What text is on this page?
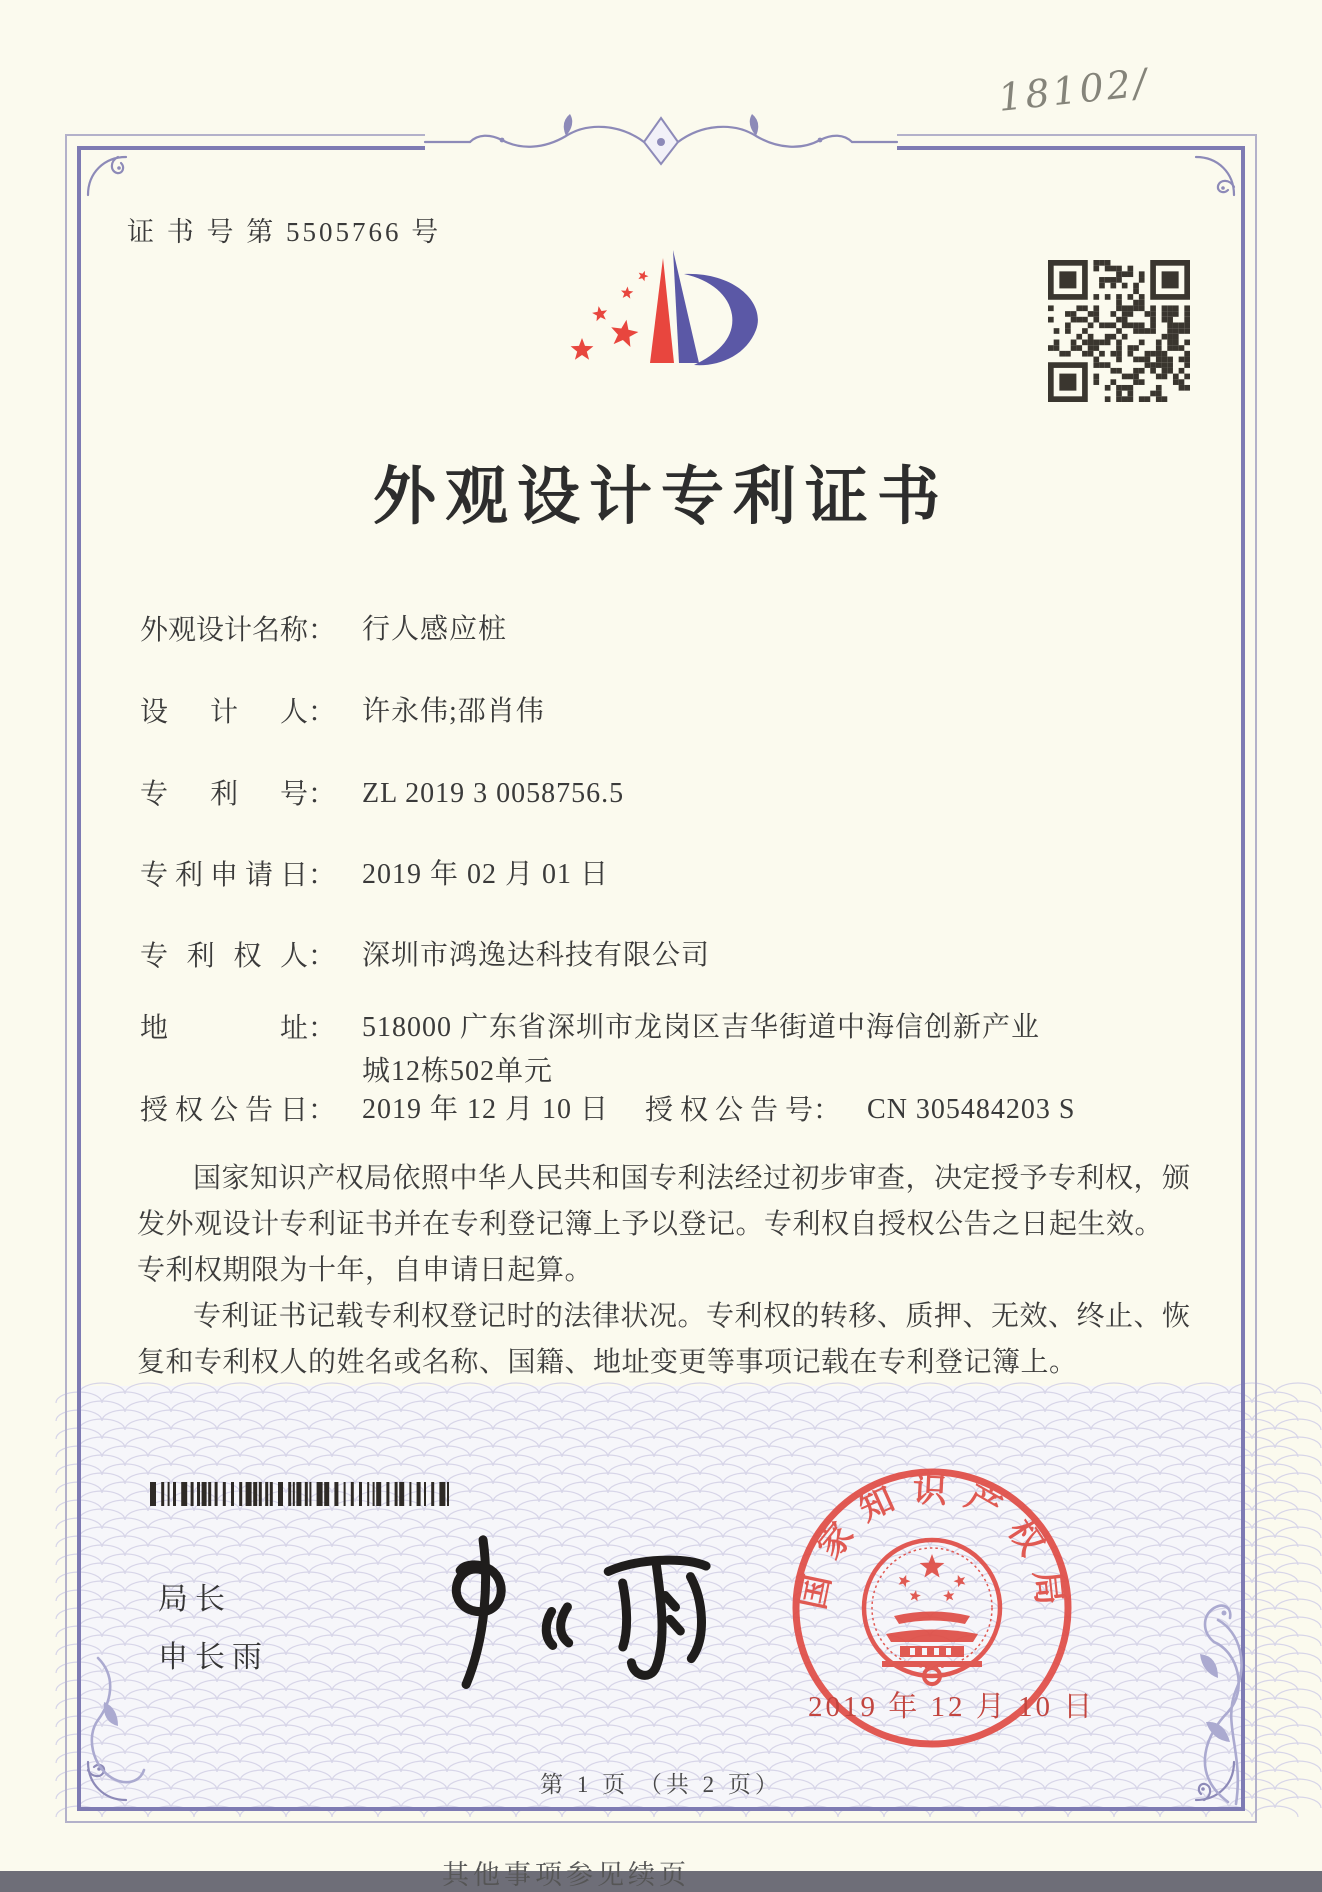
18102/
证 书 号 第 5505766 号
外观设计专利证书
外观设计名称： 行人感应桩
设计人： 许永伟;邵肖伟
专利号： ZL 2019 3 0058756.5
专利申请日： 2019 年 02 月 01 日
专利权人： 深圳市鸿逸达科技有限公司
地址： 518000 广东省深圳市龙岗区吉华街道中海信创新产业城12栋502单元
授权公告日： 2019 年 12 月 10 日 授权公告号： CN 305484203 S

国家知识产权局依照中华人民共和国专利法经过初步审查，决定授予专利权，颁发外观设计专利证书并在专利登记簿上予以登记。专利权自授权公告之日起生效。专利权期限为十年，自申请日起算。

专利证书记载专利权登记时的法律状况。专利权的转移、质押、无效、终止、恢复和专利权人的姓名或名称、国籍、地址变更等事项记载在专利登记簿上。

局长
申长雨
国家知识产权局
2019 年 12 月 10 日
第 1 页 （共 2 页）
其他事项参见续页
